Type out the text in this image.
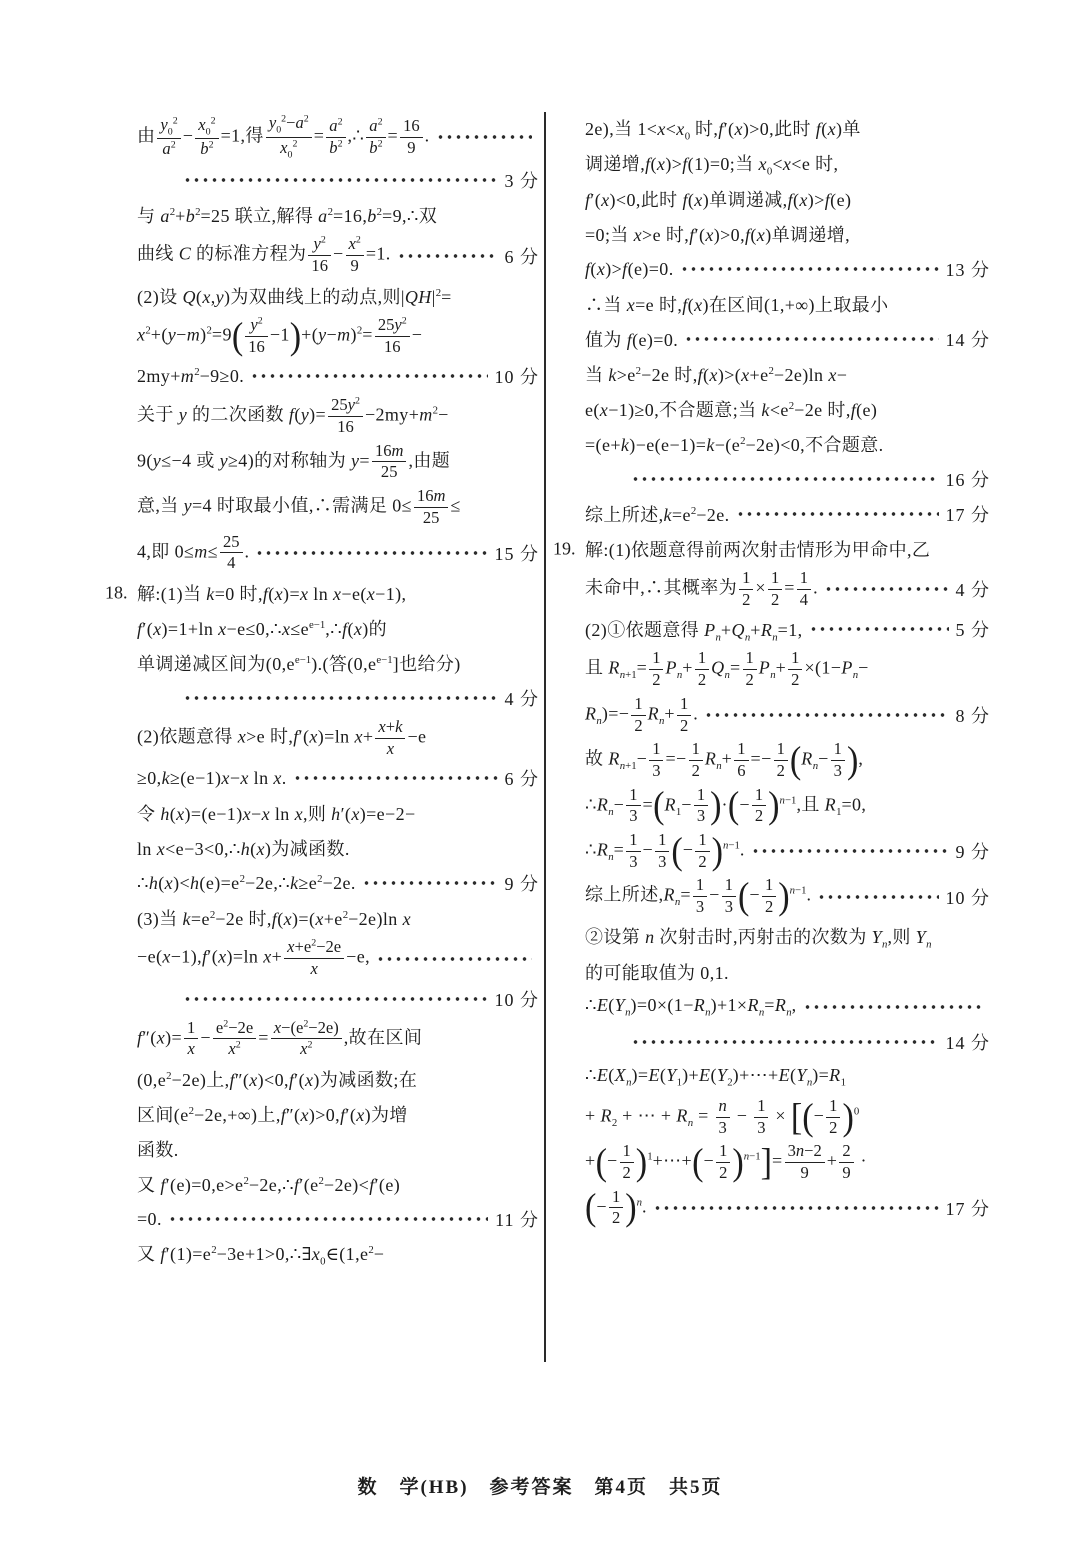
由 $\frac{y_0^2}{a^2} - \frac{x_0^2}{b^2} =1$,得 $\frac{y_0^2-a^2}{x_0^2} = \frac{a^2}{b^2}$ ,∴ $\frac{a^2}{b^2} = \frac{16}{9}$ .
3 分
与 $a^2+b^2=25$ 联立,解得 $a^2=16,b^2=9,\therefore$双
曲线 C 的标准方程为 $\frac{y^2}{16} - \frac{x^2}{9} =1$.	6 分
(2)设 Q(x,y)为双曲线上的动点,则$|QH|^2=$
$x^2+(y-m)^2=9( \frac{y^2}{16} -1)+(y-m)^2= \frac{25y^2}{16}$ −
$2my+m^2-9\ge 0$.	10 分
关于 y 的二次函数 $f(y)= \frac{25y^2}{16} -2my+m^2-$
9(y≤−4 或 y≥4)的对称轴为 $y= \frac{16m}{25}$ ,由题
意,当 y=4 时取最小值,∴需满足 $0\le \frac{16m}{25}$ ≤
4,即 $0\le m\le \frac{25}{4}$ .	15 分
18. 解:(1)当 k=0 时,f(x)=x ln x−e(x−1),
f′(x)=1+ln $x-e\le 0,\therefore x\le e^{e-1},\therefore f(x)$的
单调递减区间为$(0,e^{e-1})$.(答$(0,e^{e-1}]$也给分)
4 分
(2)依题意得 x>e 时,f′(x)=ln $x+ \frac{x+k}{x} -e$
≥0,k≥(e−1)x−x ln x.	6 分
令 h(x)=(e−1)x−x ln x,则 h′(x)=e−2−
ln x<e−3<0,∴h(x)为减函数.
$\therefore h(x)<h(e)=e^2-2e,\therefore k\ge e^2-2e$.	9 分
(3)当 $k=e^2-2e$ 时$,f(x)=(x+e^2-2e)\ln$ x
−e(x−1),f′(x)=ln $x+ \frac{x+e^2-2e}{x} -e$,
10 分
$f''(x)= \frac{1}{x} - \frac{e^2-2e}{x^2} = \frac{x-(e^2-2e)}{x^2}$ ,故在区间
$(0,e^2-2e)$上,f″(x)<0,f′(x)为减函数;在
区间$(e^2-2e,+\infty)$上,f″(x)>0,f′(x)为增
函数.
又 $f'(e)=0,e>e^2-2e,\therefore f'(e^2-2e)<f'(e)$
=0.	11 分
又 $f'(1)=e^2-3e+1>0,\therefore\exists x_0\in(1,e^2-$
2e),当 $1<x<x_0$ 时,f′(x)>0,此时 f(x)单
调递增,f(x)>f(1)=0;当 $x_0<x<e$ 时,
f′(x)<0,此时 f(x)单调递减,f(x)>f(e)
=0;当 x>e 时,f′(x)>0,f(x)单调递增,
f(x)>f(e)=0.	13 分
∴当 x=e 时,f(x)在区间(1,+∞)上取最小
值为 f(e)=0.	14 分
当 $k>e^2-2e$ 时$,f(x)>(x+e^2-2e)\ln$ x−
e(x−1)≥0,不合题意;当 $k<e^2-2e$ 时,f(e)
$=(e+k)-e(e-1)=k-(e^2-2e)<0$,不合题意.
16 分
综上所述$,k=e^2-2e$.	17 分
19. 解:(1)依题意得前两次射击情形为甲命中,乙
未命中,∴其概率为 $\frac{1}{2} \times \frac{1}{2} = \frac{1}{4}$ .	4 分
(2)①依题意得 $P_n+Q_n+R_n=1$,	5 分
且 $R_{n+1}= \frac{1}{2} P_n+ \frac{1}{2} Q_n= \frac{1}{2} P_n+ \frac{1}{2} \times(1-P_n-$
$R_n)=- \frac{1}{2} R_n+ \frac{1}{2}$ .	8 分
故 $R_{n+1}- \frac{1}{3} =- \frac{1}{2} R_n+ \frac{1}{6} =- \frac{1}{2} (R_n- \frac{1}{3}$ ),
$\therefore R_n- \frac{1}{3} =(R_1- \frac{1}{3}$ )·(− $\frac{1}{2} )^{n-1}$,且 $R_1=0$,
$\therefore R_n= \frac{1}{3} - \frac{1}{3}$ (− $\frac{1}{2} )^{n-1}$.	9 分
综上所述$,R_n= \frac{1}{3} - \frac{1}{3}$ (− $\frac{1}{2} )^{n-1}$.	10 分
②设第 n 次射击时,丙射击的次数为 $Y_n$,则 $Y_n$
的可能取值为 0,1.
$\therefore E(Y_n)=0\times(1-R_n)+1\times R_n=R_n$,
14 分
$\therefore E(X_n)=E(Y_1)+E(Y_2)+\cdots+E(Y_n)=R_1$
+ $R_2$ + ⋯ + $R_n = \frac{n}{3} - \frac{1}{3}$ × [(− $\frac{1}{2} )^0$
+(− $\frac{1}{2}$ )$^1$+⋯+(− $\frac{1}{2} )^{n-1}]= \frac{3n-2}{9} + \frac{2}{9}$ ·
(− $\frac{1}{2} )^n$.	17 分
数　学(HB)　参考答案　第4页　共5页
